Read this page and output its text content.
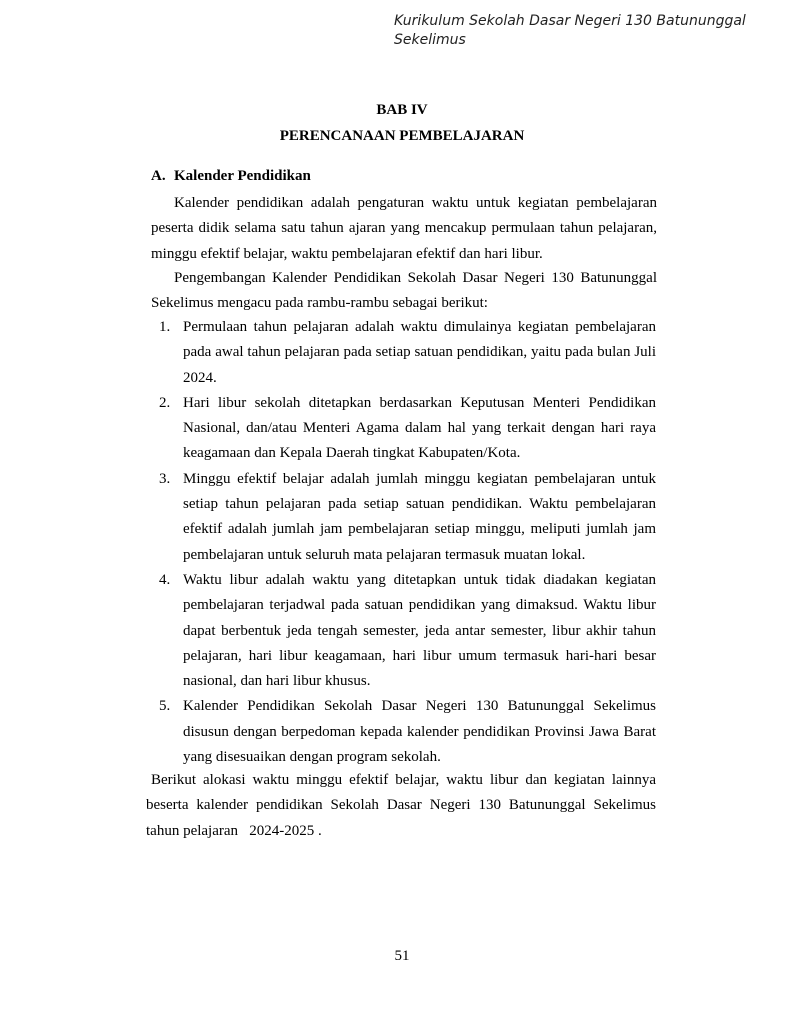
Kurikulum Sekolah Dasar Negeri 130 Batununggal Sekelimus
BAB IV
PERENCANAAN PEMBELAJARAN
A. Kalender Pendidikan

Kalender pendidikan adalah pengaturan waktu untuk kegiatan pembelajaran peserta didik selama satu tahun ajaran yang mencakup permulaan tahun pelajaran, minggu efektif belajar, waktu pembelajaran efektif dan hari libur.

Pengembangan Kalender Pendidikan Sekolah Dasar Negeri 130 Batununggal Sekelimus mengacu pada rambu-rambu sebagai berikut:

1. Permulaan tahun pelajaran adalah waktu dimulainya kegiatan pembelajaran pada awal tahun pelajaran pada setiap satuan pendidikan, yaitu pada bulan Juli 2024.
2. Hari libur sekolah ditetapkan berdasarkan Keputusan Menteri Pendidikan Nasional, dan/atau Menteri Agama dalam hal yang terkait dengan hari raya keagamaan dan Kepala Daerah tingkat Kabupaten/Kota.
3. Minggu efektif belajar adalah jumlah minggu kegiatan pembelajaran untuk setiap tahun pelajaran pada setiap satuan pendidikan. Waktu pembelajaran efektif adalah jumlah jam pembelajaran setiap minggu, meliputi jumlah jam pembelajaran untuk seluruh mata pelajaran termasuk muatan lokal.
4. Waktu libur adalah waktu yang ditetapkan untuk tidak diadakan kegiatan pembelajaran terjadwal pada satuan pendidikan yang dimaksud. Waktu libur dapat berbentuk jeda tengah semester, jeda antar semester, libur akhir tahun pelajaran, hari libur keagamaan, hari libur umum termasuk hari-hari besar nasional, dan hari libur khusus.
5. Kalender Pendidikan Sekolah Dasar Negeri 130 Batununggal Sekelimus disusun dengan berpedoman kepada kalender pendidikan Provinsi Jawa Barat yang disesuaikan dengan program sekolah.

Berikut alokasi waktu minggu efektif belajar, waktu libur dan kegiatan lainnya beserta kalender pendidikan Sekolah Dasar Negeri 130 Batununggal Sekelimus tahun pelajaran   2024-2025 .

51
